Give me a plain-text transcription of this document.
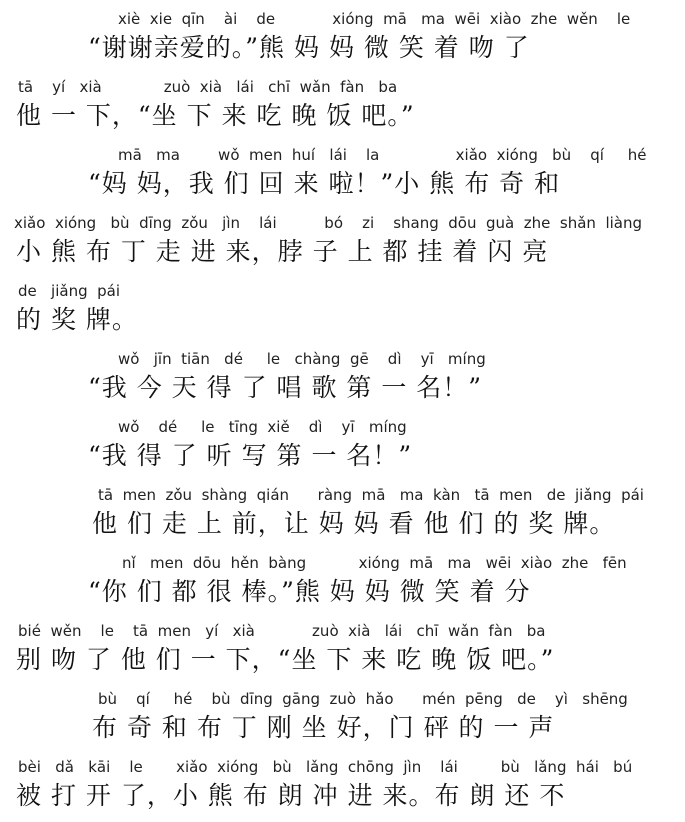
xiè  xie  qīn    ài    de            xióng  mā   ma  wēi  xiào  zhe  wěn    le
“谢谢亲爱的。”熊 妈 妈 微 笑 着 吻 了
tā    yí   xià             zuò  xià   lái   chī  wǎn  fàn   ba
他 一 下，“坐 下 来 吃 晚 饭 吧。”
mā   ma        wǒ  men  huí   lái    la                xiǎo  xióng   bù    qí     hé
“妈 妈，我 们 回 来 啦！”小 熊 布 奇 和
xiǎo  xióng   bù  dīng  zǒu   jìn    lái          bó    zi    shang  dōu  guà  zhe  shǎn  liàng
小 熊 布 丁 走 进 来，脖 子 上 都 挂 着 闪 亮
de   jiǎng  pái
的 奖 牌。
wǒ   jīn  tiān   dé     le   chàng  gē    dì    yī   míng
“我 今 天 得 了 唱 歌 第 一 名！”
wǒ    dé     le   tīng  xiě    dì    yī   míng
“我 得 了 听 写 第 一 名！”
tā  men  zǒu  shàng  qián      ràng  mā   ma  kàn   tā  men   de  jiǎng  pái
他 们 走 上 前，让 妈 妈 看 他 们 的 奖 牌。
nǐ   men  dōu  hěn  bàng           xióng  mā   ma   wēi  xiào  zhe   fēn
“你 们 都 很 棒。”熊 妈 妈 微 笑 着 分
bié  wěn    le    tā  men   yí   xià            zuò  xià   lái   chī  wǎn  fàn   ba
别 吻 了 他 们 一 下，“坐 下 来 吃 晚 饭 吧。”
bù    qí     hé    bù  dīng  gāng  zuò  hǎo      mén  pēng   de    yì   shēng
布 奇 和 布 丁 刚 坐 好，门 砰 的 一 声
bèi   dǎ   kāi    le       xiǎo  xióng   bù   lǎng  chōng  jìn    lái         bù   lǎng  hái   bú
被 打 开 了，小 熊 布 朗 冲 进 来。布 朗 还 不
